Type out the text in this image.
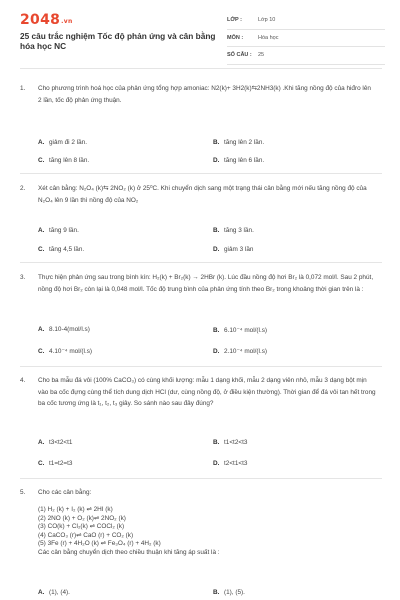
2048.vn
25 câu trắc nghiệm Tốc độ phản ứng và cân bằng hóa học NC
LỚP :	Lớp 10
MÔN :	Hóa học
SỐ CÂU : 25
1.	Cho phương trình hoá học của phản ứng tổng hợp amoniac: N2(k)+ 3H2(k)⇆2NH3(k) .Khi tăng nồng độ của hiđro lên 2 lần, tốc độ phản ứng thuận.
A. giảm đi 2 lần.	B. tăng lên 2 lần.
C. tăng lên 8 lần.	D. tăng lên 6 lần.
2.	Xét cân bằng: N₂O₄ (k)⇆ 2NO₂ (k) ở 25⁰C. Khi chuyển dịch sang một trạng thái cân bằng mới nếu tăng nồng độ của N₂O₄ lên 9 lần thì nồng độ của NO₂
A. tăng 9 lần.	B. tăng 3 lần.
C. tăng 4,5 lần.	D. giảm 3 lần
3.	Thực hiện phản ứng sau trong bình kín: H₂(k) + Br₂(k) → 2HBr (k). Lúc đầu nồng độ hơi Br₂ là 0,072 mol/l. Sau 2 phút, nồng độ hơi Br₂ còn lại là 0,048 mol/l. Tốc độ trung bình của phản ứng tính theo Br₂ trong khoảng thời gian trên là :
A. 8.10-4(mol/l.s)	B. 6.10⁻⁴ mol/(l.s)
C. 4.10⁻⁴ mol/(l.s)	D. 2.10⁻⁴ mol/(l.s)
4.	Cho ba mẫu đá vôi (100% CaCO₃) có cùng khối lượng: mẫu 1 dạng khối, mẫu 2 dạng viên nhỏ, mẫu 3 dạng bột mịn vào ba cốc đựng cùng thể tích dung dịch HCl (dư, cùng nồng độ, ở điều kiện thường). Thời gian để đá vôi tan hết trong ba cốc tương ứng là t₁, t₂, t₃ giây. So sánh nào sau đây đúng?
A. t3<t2<t1	B. t1<t2<t3
C. t1=t2=t3	D. t2<t1<t3
5.	Cho các cân bằng:
(1) H₂ (k) + I₂ (k) ⇌ 2HI (k)
(2) 2NO (k) + O₂ (k)⇌ 2NO₂ (k)
(3) CO(k) + Cl₂(k) ⇌ COCl₂ (k)
(4) CaCO₃ (r)⇌ CaO (r) + CO₂ (k)
(5) 3Fe (r) + 4H₂O (k) ⇌ Fe₃O₄ (r) + 4H₂ (k)
Các cân bằng chuyển dịch theo chiều thuận khi tăng áp suất là :
A. (1), (4).	B. (1), (5).
